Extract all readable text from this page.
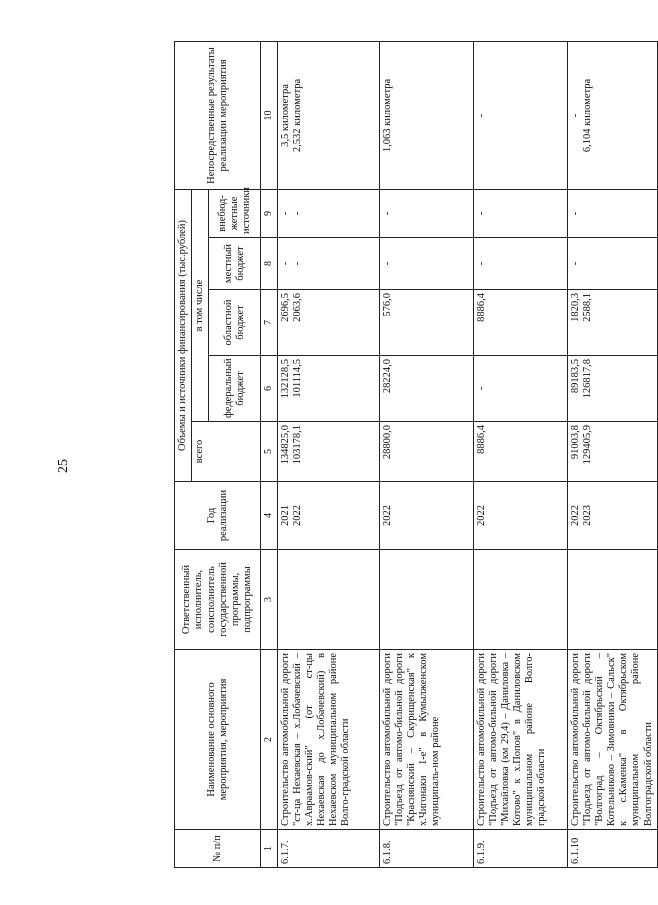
25
№ п/п	Наименование основного мероприятия, мероприятия	Ответственный исполнитель, соисполнитель государственной программы, подпрограммы	Год реализации	Объемы и источники финансирования (тыс.рублей)					Непосредственные результаты реализации мероприятия
				всего	в том числе				
					федеральный бюджет	областной бюджет	местный бюджет	внебюд-жетные источники	
1	2	3	4	5	6	7	8	9	10
6.1.7.	Строительство автомобильной дороги "ст-ца Нехаевская – х.Лобачевский – х.Авраамов-ский" (от ст-цы Нехаевская до х.Лобачевский) в Нехаевском муниципальном районе Волго-градской области		2021 2022	134825,0 103178,1	132128,5 101114,5	2696,5 2063,6	- -	- -	3,5 километра 2,532 километра

6.1.8.	Строительство автомобильной дороги "Подъезд от автомо-бильной дороги "Краснянский – Скурищенская" к х.Чигонаки 1-е" в Кумылженском муниципаль-ном районе		2022	28800,0	28224,0	576,0	-	-	1,063 километра
6.1.9.	Строительство автомобильной дороги "Подъезд от автомо-бильной дороги "Михайловка (км 29,4) – Даниловка – Котово" к х.Попов" в Даниловском муниципальном районе Волго-градской области		2022	8886,4	-	8886,4	-	-	-
6.1.10	Строительство автомобильной дороги "Подъезд от автомо-бильной дороги "Волгоград – Октябрьский – Котельниково – Зимовники – Сальск" к с.Каменка" в Октябрьском муниципальном районе Волгоградской области		2022 2023	91003,8 129405,9	89183,5 126817,8	1820,3 2588,1	-	-	- 6,104 километра
